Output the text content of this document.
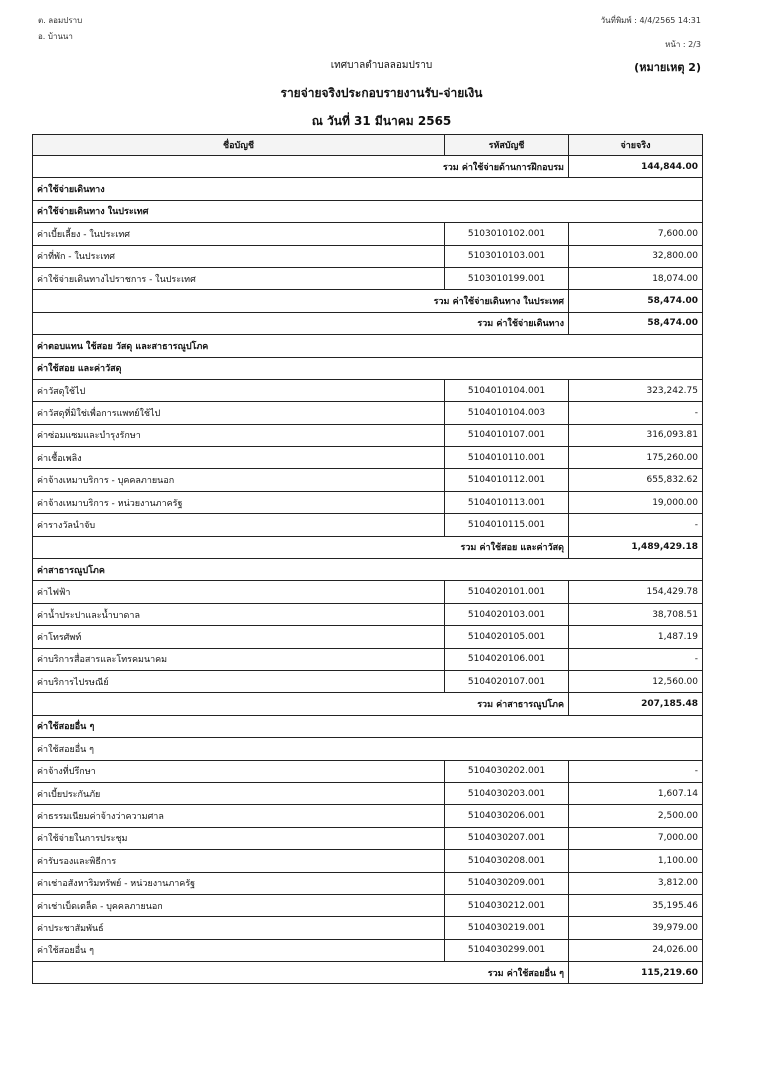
ต. ลอมปราบ
อ. บ้านนา
วันที่พิมพ์ : 4/4/2565 14:31
หน้า : 2/3
เทศบาลตำบลลอมปราบ	(หมายเหตุ 2)
รายจ่ายจริงประกอบรายงานรับ-จ่ายเงิน
ณ วันที่ 31 มีนาคม 2565
ชื่อบัญชี	รหัสบัญชี	จ่ายจริง
รวม ค่าใช้จ่ายด้านการฝึกอบรม		144,844.00
ค่าใช้จ่ายเดินทาง		
ค่าใช้จ่ายเดินทาง ในประเทศ		
ค่าเบี้ยเลี้ยง - ในประเทศ	5103010102.001	7,600.00
ค่าที่พัก - ในประเทศ	5103010103.001	32,800.00
ค่าใช้จ่ายเดินทางไปราชการ - ในประเทศ	5103010199.001	18,074.00
รวม ค่าใช้จ่ายเดินทาง ในประเทศ		58,474.00
รวม ค่าใช้จ่ายเดินทาง		58,474.00
ค่าตอบแทน ใช้สอย วัสดุ และสาธารณูปโภค		
ค่าใช้สอย และค่าวัสดุ		
ค่าวัสดุใช้ไป	5104010104.001	323,242.75
ค่าวัสดุที่มิใช่เพื่อการแพทย์ใช้ไป	5104010104.003	-
ค่าซ่อมแซมและบำรุงรักษา	5104010107.001	316,093.81
ค่าเชื้อเพลิง	5104010110.001	175,260.00
ค่าจ้างเหมาบริการ - บุคคลภายนอก	5104010112.001	655,832.62
ค่าจ้างเหมาบริการ - หน่วยงานภาครัฐ	5104010113.001	19,000.00
ค่ารางวัลนำจับ	5104010115.001	-
รวม ค่าใช้สอย และค่าวัสดุ		1,489,429.18
ค่าสาธารณูปโภค		
ค่าไฟฟ้า	5104020101.001	154,429.78
ค่าน้ำประปาและน้ำบาดาล	5104020103.001	38,708.51
ค่าโทรศัพท์	5104020105.001	1,487.19
ค่าบริการสื่อสารและโทรคมนาคม	5104020106.001	-
ค่าบริการไปรษณีย์	5104020107.001	12,560.00
รวม ค่าสาธารณูปโภค		207,185.48
ค่าใช้สอยอื่น ๆ		
ค่าใช้สอยอื่น ๆ		
ค่าจ้างที่ปรึกษา	5104030202.001	-
ค่าเบี้ยประกันภัย	5104030203.001	1,607.14
ค่าธรรมเนียมค่าจ้างว่าความศาล	5104030206.001	2,500.00
ค่าใช้จ่ายในการประชุม	5104030207.001	7,000.00
ค่ารับรองและพิธีการ	5104030208.001	1,100.00
ค่าเช่าอสังหาริมทรัพย์ - หน่วยงานภาครัฐ	5104030209.001	3,812.00
ค่าเช่าเบ็ดเตล็ด - บุคคลภายนอก	5104030212.001	35,195.46
ค่าประชาสัมพันธ์	5104030219.001	39,979.00
ค่าใช้สอยอื่น ๆ	5104030299.001	24,026.00
รวม ค่าใช้สอยอื่น ๆ		115,219.60
